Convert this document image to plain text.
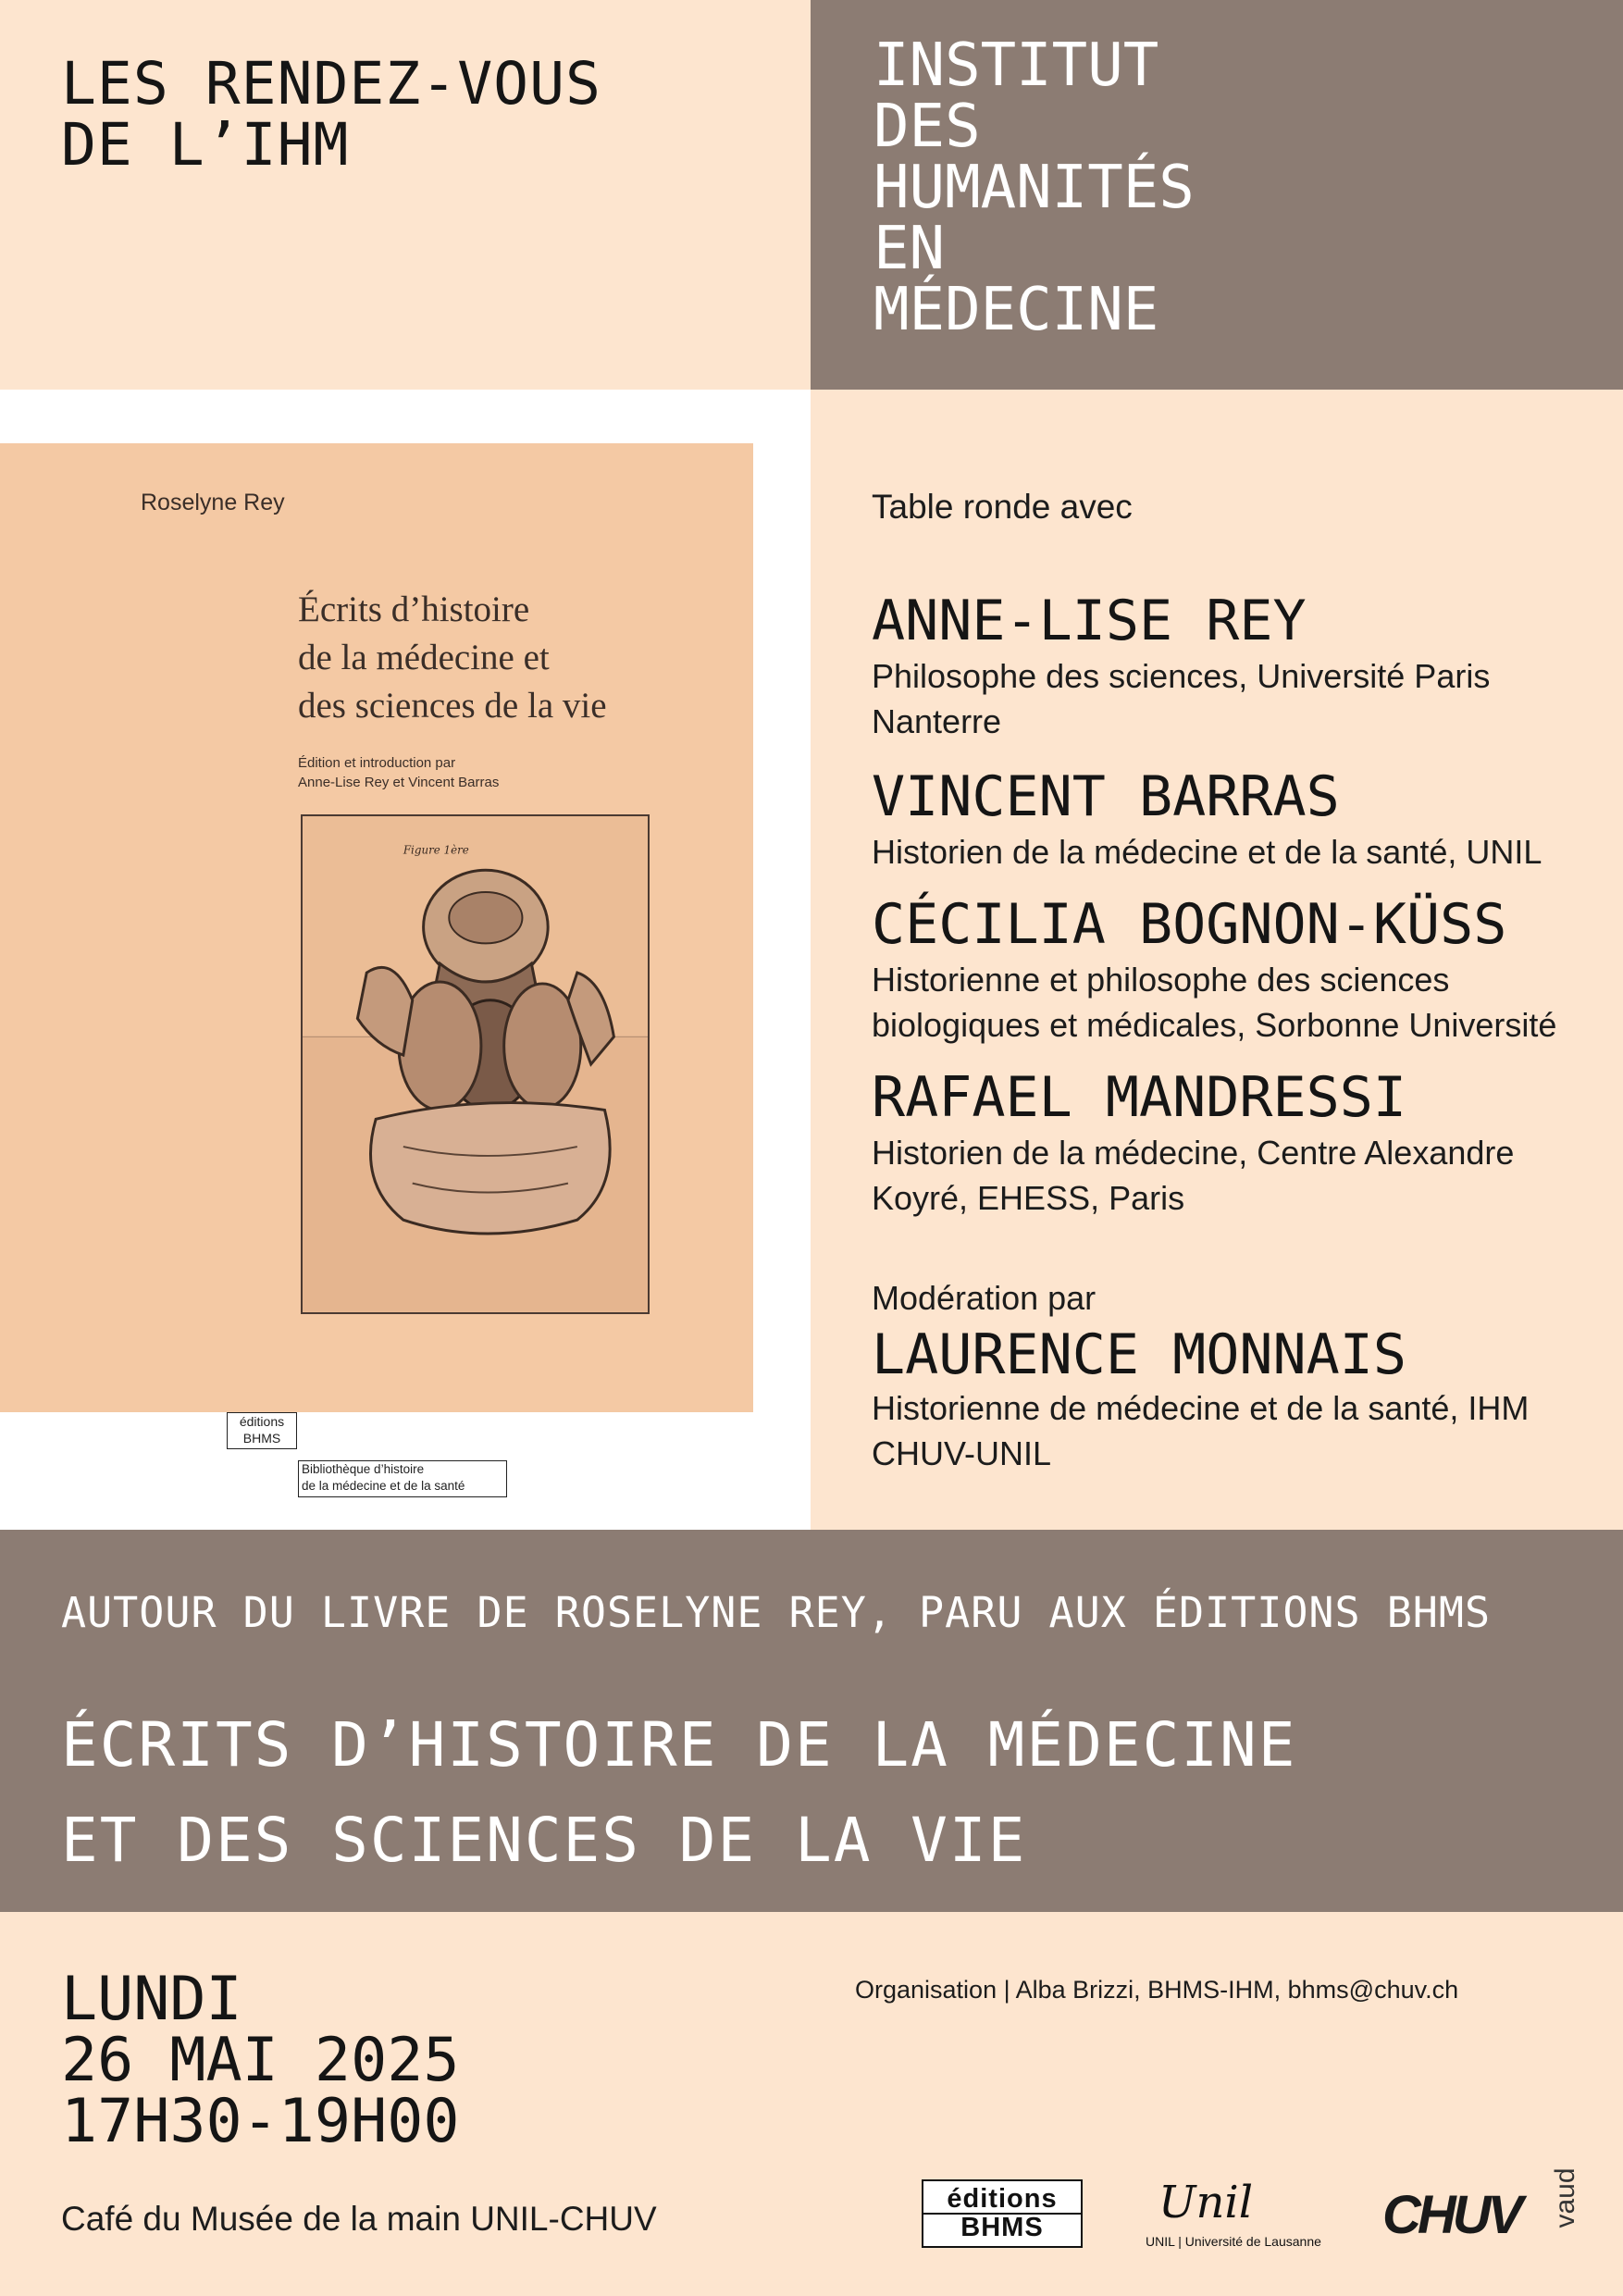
LES RENDEZ-VOUS
DE L’IHM
INSTITUT
DES
HUMANITÉS
EN
MÉDECINE
Roselyne Rey
Écrits d’histoire
de la médecine et
des sciences de la vie
Édition et introduction par
Anne-Lise Rey et Vincent Barras
Figure 1ère
éditions
BHMS
Bibliothèque d’histoire
de la médecine et de la santé
Table ronde avec
ANNE-LISE REY
Philosophe des sciences, Université Paris Nanterre
VINCENT BARRAS
Historien de la médecine et de la santé, UNIL
CÉCILIA BOGNON-KÜSS
Historienne et philosophe des sciences biologiques et médicales, Sorbonne Université
RAFAEL MANDRESSI
Historien de la médecine, Centre Alexandre Koyré, EHESS, Paris
Modération par
LAURENCE MONNAIS
Historienne de médecine et de la santé, IHM CHUV-UNIL
AUTOUR DU LIVRE DE ROSELYNE REY, PARU AUX ÉDITIONS BHMS
ÉCRITS D’HISTOIRE DE LA MÉDECINE
ET DES SCIENCES DE LA VIE
LUNDI
26 MAI 2025
17H30-19H00
Café du Musée de la main UNIL-CHUV
Organisation | Alba Brizzi, BHMS-IHM, bhms@chuv.ch
éditions
BHMS	Unil
UNIL | Université de Lausanne CHUV vaud
